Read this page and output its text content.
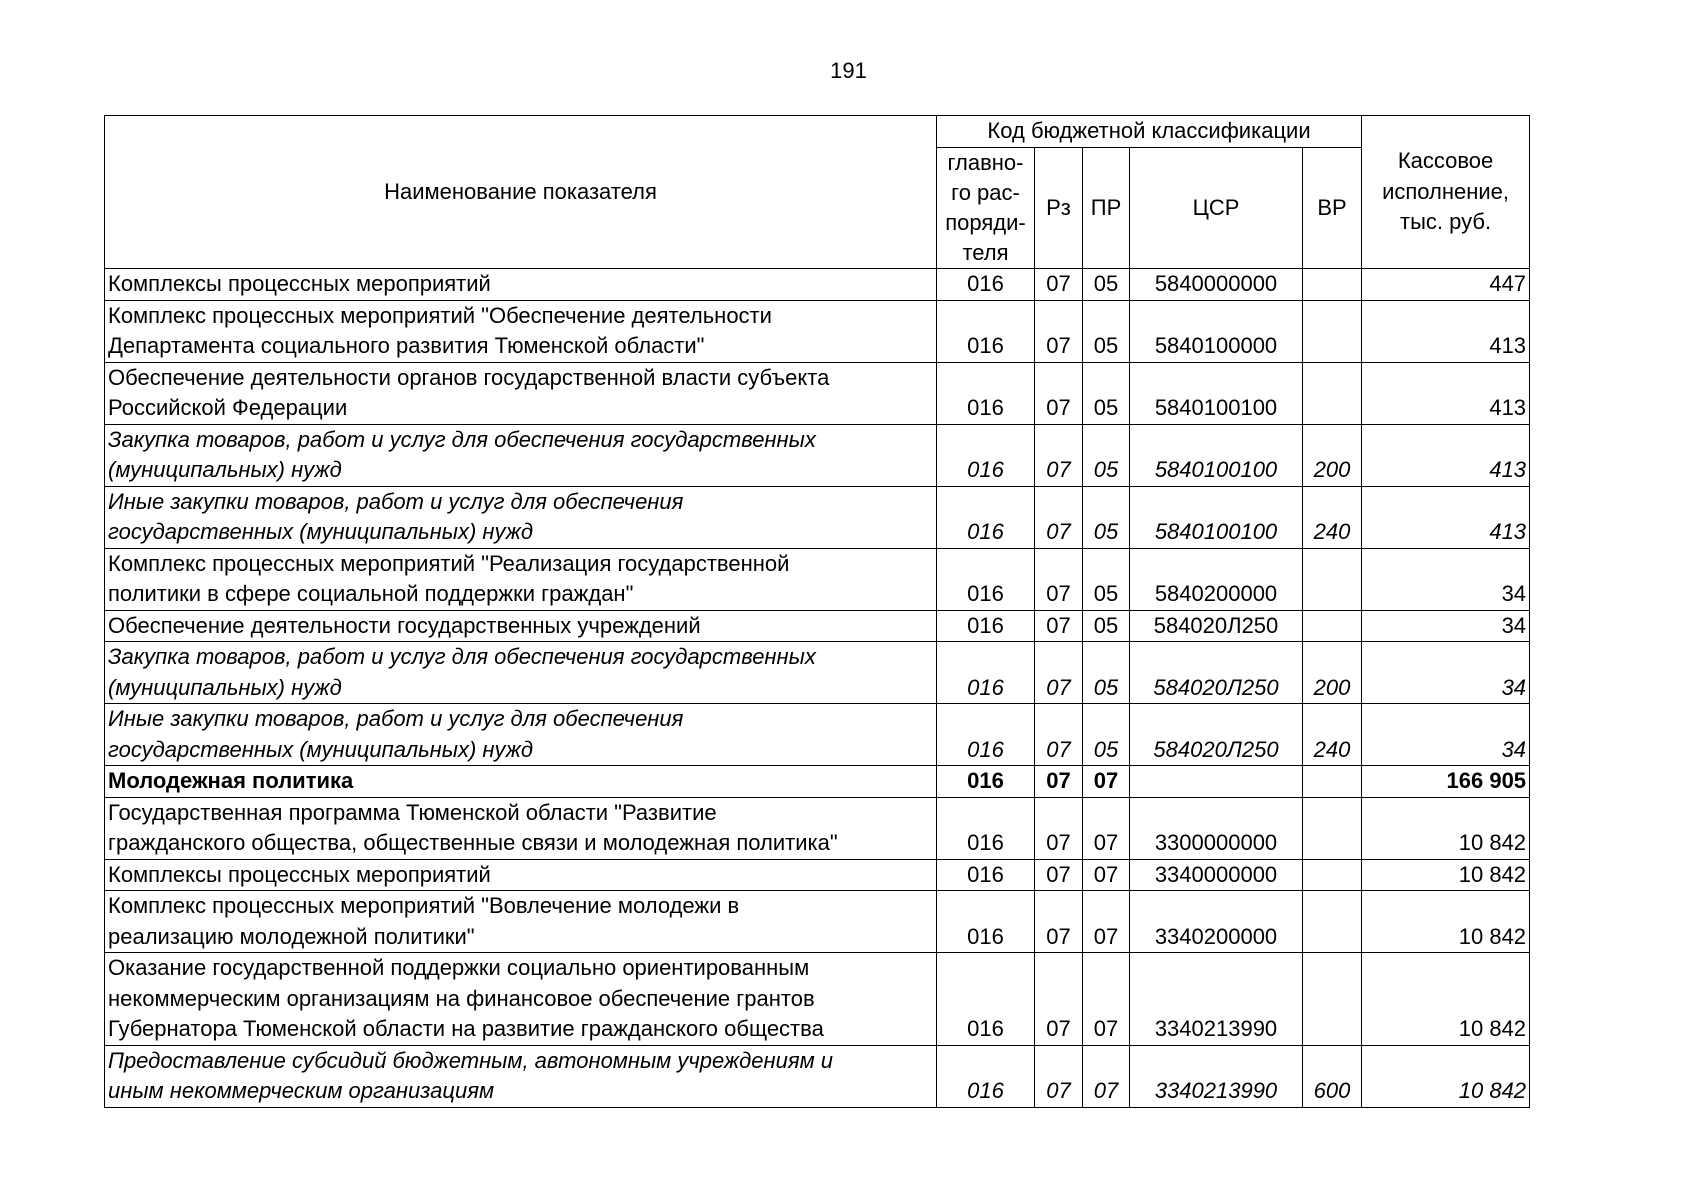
191
Наименование показателя	Код бюджетной классификации					Кассовое
исполнение,
тыс. руб.

	главно-
го рас-
поряди-
теля	Рз	ПР	ЦСР	ВР	

Комплексы процессных мероприятий	016	07	05	5840000000		447

Комплекс процессных мероприятий "Обеспечение деятельности
Департамента социального развития Тюменской области"	016	07	05	5840100000		413

Обеспечение деятельности органов государственной власти субъекта
Российской Федерации	016	07	05	5840100100		413

Закупка товаров, работ и услуг для обеспечения государственных
(муниципальных) нужд	016	07	05	5840100100	200	413

Иные закупки товаров, работ и услуг для обеспечения
государственных (муниципальных) нужд	016	07	05	5840100100	240	413

Комплекс процессных мероприятий "Реализация государственной
политики в сфере социальной поддержки граждан"	016	07	05	5840200000		34

Обеспечение деятельности государственных учреждений	016	07	05	584020Л250		34

Закупка товаров, работ и услуг для обеспечения государственных
(муниципальных) нужд	016	07	05	584020Л250	200	34

Иные закупки товаров, работ и услуг для обеспечения
государственных (муниципальных) нужд	016	07	05	584020Л250	240	34

Молодежная политика	016	07	07			166 905

Государственная программа Тюменской области "Развитие
гражданского общества, общественные связи и молодежная политика"	016	07	07	3300000000		10 842

Комплексы процессных мероприятий	016	07	07	3340000000		10 842

Комплекс процессных мероприятий "Вовлечение молодежи в
реализацию молодежной политики"	016	07	07	3340200000		10 842

Оказание государственной поддержки социально ориентированным
некоммерческим организациям на финансовое обеспечение грантов
Губернатора Тюменской области на развитие гражданского общества	016	07	07	3340213990		10 842

Предоставление субсидий бюджетным, автономным учреждениям и
иным некоммерческим организациям	016	07	07	3340213990	600	10 842
